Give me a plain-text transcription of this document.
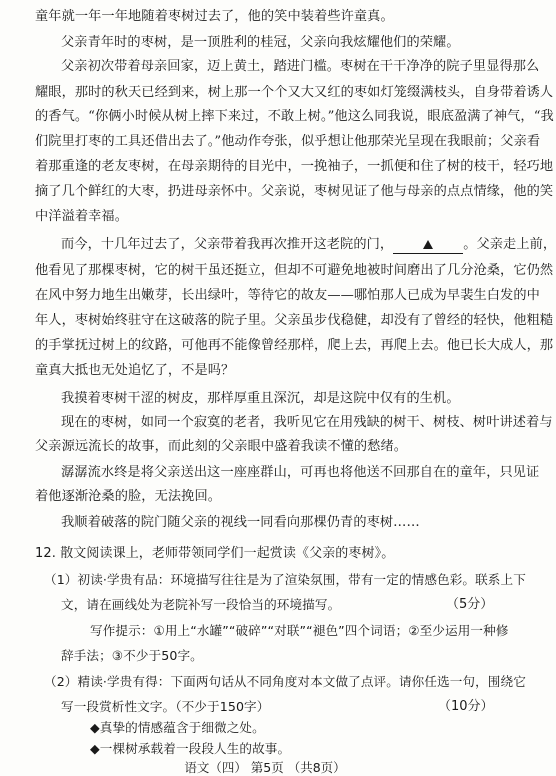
童年就一年一年地随着枣树过去了，他的笑中装着些许童真。
父亲青年时的枣树，是一顶胜利的桂冠，父亲向我炫耀他们的荣耀。
父亲初次带着母亲回家，迈上黄土，踏进门槛。枣树在干干净净的院子里显得那么
耀眼，那时的秋天已经到来，树上那一个个又大又红的枣如灯笼缀满枝头，自身带着诱人
的香气。“你俩小时候从树上摔下来过，不敢上树。”他这么同我说，眼底盈满了神气，“我
们院里打枣的工具还借出去了。”他动作夸张，似乎想让他那荣光呈现在我眼前；父亲看
着那重逢的老友枣树，在母亲期待的目光中，一挽袖子，一抓便和住了树的枝干，轻巧地
摘了几个鲜红的大枣，扔进母亲怀中。父亲说，枣树见证了他与母亲的点点情缘，他的笑
中洋溢着幸福。
而今，十几年过去了，父亲带着我再次推开这老院的门，	。父亲走上前，
他看见了那棵枣树，它的树干虽还挺立，但却不可避免地被时间磨出了几分沧桑，它仍然
在风中努力地生出嫩芽，长出绿叶，等待它的故友——哪怕那人已成为早裴生白发的中
年人，枣树始终驻守在这破落的院子里。父亲虽步伐稳健，却没有了曾经的轻快，他粗糙
的手掌抚过树上的纹路，可他再不能像曾经那样，爬上去，再爬上去。他已长大成人，那
童真大抵也无处追忆了，不是吗？
我摸着枣树干涩的树皮，那样厚重且深沉，却是这院中仅有的生机。
现在的枣树，如同一个寂寞的老者，我听见它在用残缺的树干、树枝、树叶讲述着与
父亲源远流长的故事，而此刻的父亲眼中盛着我读不懂的愁绪。
潺潺流水终是将父亲送出这一座座群山，可再也将他送不回那自在的童年，只见证
着他逐渐沧桑的脸，无法挽回。
我顺着破落的院门随父亲的视线一同看向那棵仍青的枣树……
12. 散文阅读课上，老师带领同学们一起赏读《父亲的枣树》。
（1）初读·学贵有品：环境描写往往是为了渲染氛围，带有一定的情感色彩。联系上下
文，请在画线处为老院补写一段恰当的环境描写。	（5分）
写作提示：①用上“水罐”“破碎”“对联”“褪色”四个词语；②至少运用一种修
辞手法；③不少于50字。
（2）精读·学贵有得：下面两句话从不同角度对本文做了点评。请你任选一句，围绕它
语文（四） 第5页 （共8页）
写一段赏析性文字。（不少于150字）	（10分）
◆真挚的情感蕴含于细微之处。
◆一棵树承载着一段段人生的故事。
